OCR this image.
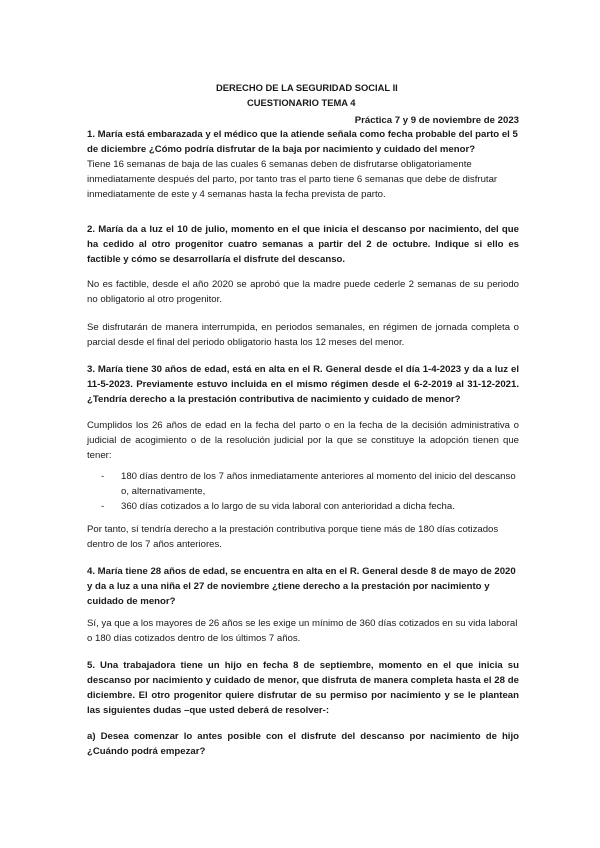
DERECHO DE LA SEGURIDAD SOCIAL II
CUESTIONARIO TEMA 4
Práctica 7 y 9 de noviembre de 2023

1. María está embarazada y el médico que la atiende señala como fecha probable del parto el 5 de diciembre ¿Cómo podría disfrutar de la baja por nacimiento y cuidado del menor?

Tiene 16 semanas de baja de las cuales 6 semanas deben de disfrutarse obligatoriamente inmediatamente después del parto, por tanto tras el parto tiene 6 semanas que debe de disfrutar inmediatamente de este y 4 semanas hasta la fecha prevista de parto.

2. María da a luz el 10 de julio, momento en el que inicia el descanso por nacimiento, del que ha cedido al otro progenitor cuatro semanas a partir del 2 de octubre. Indique si ello es factible y cómo se desarrollaría el disfrute del descanso.

No es factible, desde el año 2020 se aprobó que la madre puede cederle 2 semanas de su periodo no obligatorio al otro progenitor.

Se disfrutarán de manera interrumpida, en periodos semanales, en régimen de jornada completa o parcial desde el final del periodo obligatorio hasta los 12 meses del menor.

3. María tiene 30 años de edad, está en alta en el R. General desde el día 1-4-2023 y da a luz el 11-5-2023. Previamente estuvo incluida en el mismo régimen desde el 6-2-2019 al 31-12-2021. ¿Tendría derecho a la prestación contributiva de nacimiento y cuidado de menor?

Cumplidos los 26 años de edad en la fecha del parto o en la fecha de la decisión administrativa o judicial de acogimiento o de la resolución judicial por la que se constituye la adopción tienen que tener:

- 180 días dentro de los 7 años inmediatamente anteriores al momento del inicio del descanso o, alternativamente,
- 360 días cotizados a lo largo de su vida laboral con anterioridad a dicha fecha.

Por tanto, sí tendría derecho a la prestación contributiva porque tiene más de 180 días cotizados dentro de los 7 años anteriores.

4. María tiene 28 años de edad, se encuentra en alta en el R. General desde 8 de mayo de 2020 y da a luz a una niña el 27 de noviembre ¿tiene derecho a la prestación por nacimiento y cuidado de menor?

Sí, ya que a los mayores de 26 años se les exige un mínimo de 360 días cotizados en su vida laboral o 180 días cotizados dentro de los últimos 7 años.

5. Una trabajadora tiene un hijo en fecha 8 de septiembre, momento en el que inicia su descanso por nacimiento y cuidado de menor, que disfruta de manera completa hasta el 28 de diciembre. El otro progenitor quiere disfrutar de su permiso por nacimiento y se le plantean las siguientes dudas –que usted deberá de resolver-:

a) Desea comenzar lo antes posible con el disfrute del descanso por nacimiento de hijo ¿Cuándo podrá empezar?
